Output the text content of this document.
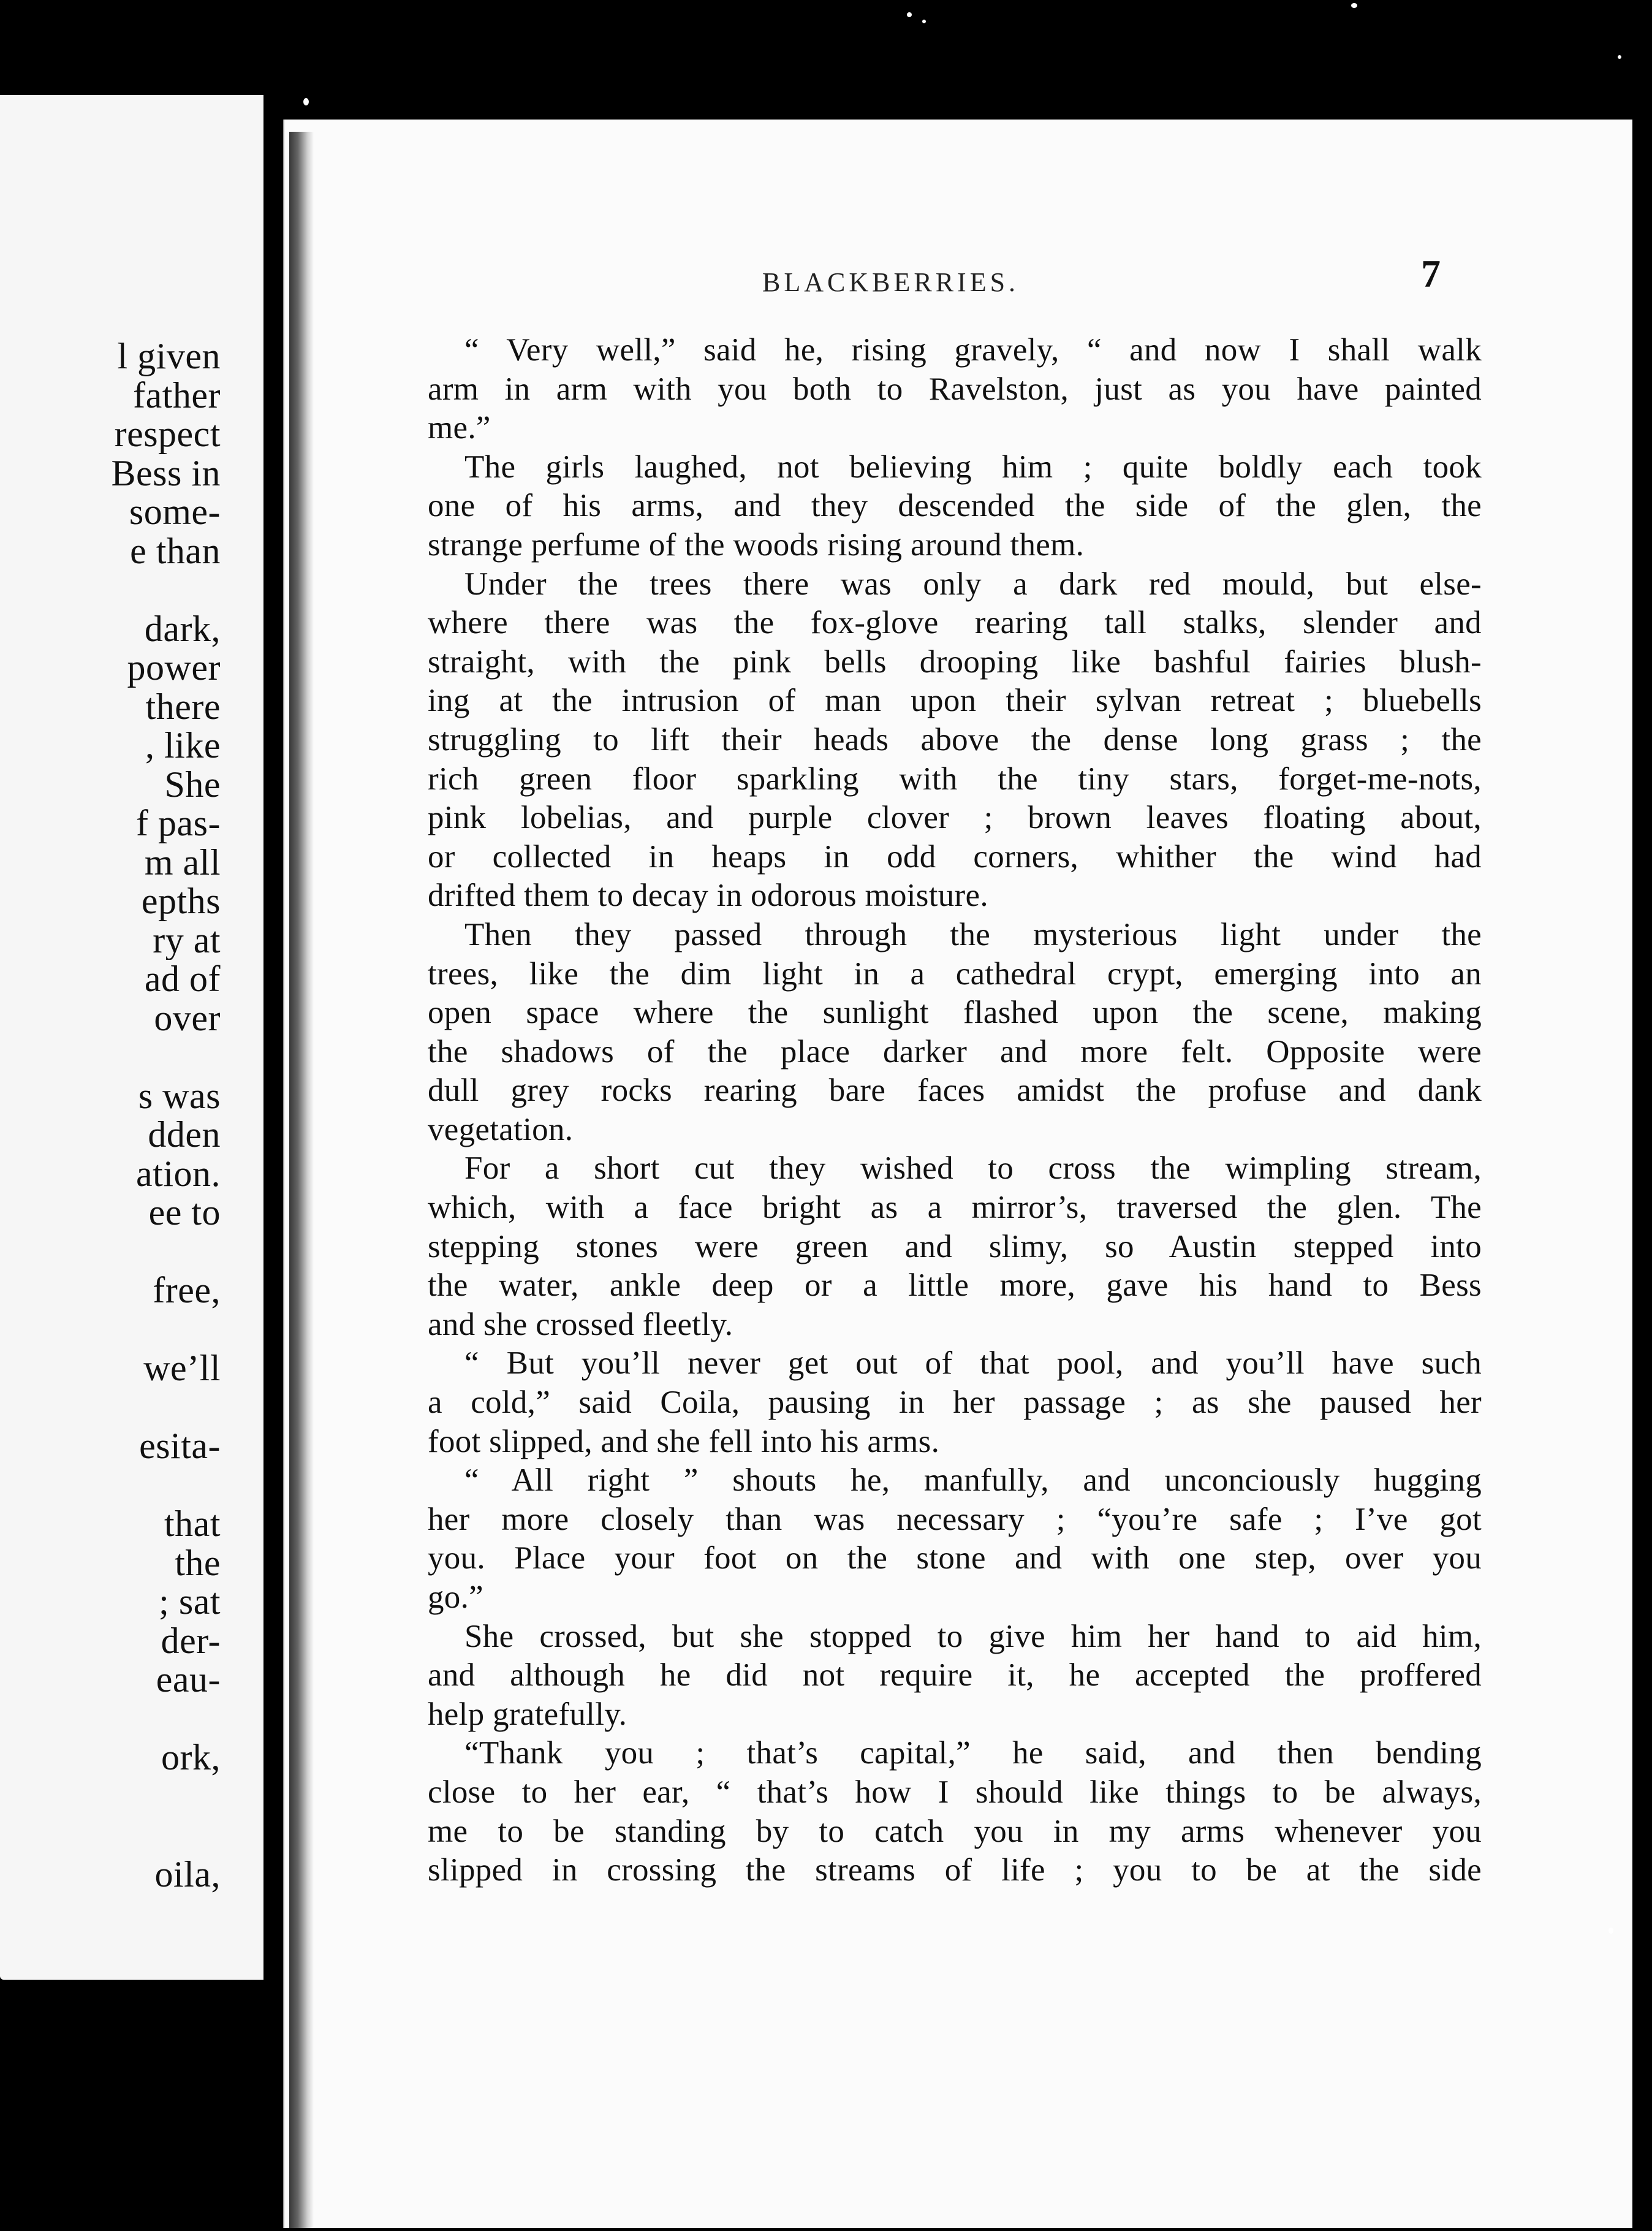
l given
father
respect
Bess in
some-
e than
dark,
power
there
, like
She
f pas-
m all
epths
ry at
ad of
over
s was
dden
ation.
ee to
free,
we’ll
esita-
that
the
; sat
der-
eau-
ork,
oila,
BLACKBERRIES.	7
“ Very well,” said he, rising gravely, “ and now I shall walk
arm in arm with you both to Ravelston, just as you have painted
me.”
The girls laughed, not believing him ; quite boldly each took
one of his arms, and they descended the side of the glen, the
strange perfume of the woods rising around them.
Under the trees there was only a dark red mould, but else-
where there was the fox-glove rearing tall stalks, slender and
straight, with the pink bells drooping like bashful fairies blush-
ing at the intrusion of man upon their sylvan retreat ; bluebells
struggling to lift their heads above the dense long grass ; the
rich green floor sparkling with the tiny stars, forget-me-nots,
pink lobelias, and purple clover ; brown leaves floating about,
or collected in heaps in odd corners, whither the wind had
drifted them to decay in odorous moisture.
Then they passed through the mysterious light under the
trees, like the dim light in a cathedral crypt, emerging into an
open space where the sunlight flashed upon the scene, making
the shadows of the place darker and more felt. Opposite were
dull grey rocks rearing bare faces amidst the profuse and dank
vegetation.
For a short cut they wished to cross the wimpling stream,
which, with a face bright as a mirror’s, traversed the glen. The
stepping stones were green and slimy, so Austin stepped into
the water, ankle deep or a little more, gave his hand to Bess
and she crossed fleetly.
“ But you’ll never get out of that pool, and you’ll have such
a cold,” said Coila, pausing in her passage ; as she paused her
foot slipped, and she fell into his arms.
“ All right ” shouts he, manfully, and unconciously hugging
her more closely than was necessary ; “you’re safe ; I’ve got
you. Place your foot on the stone and with one step, over you
go.”
She crossed, but she stopped to give him her hand to aid him,
and although he did not require it, he accepted the proffered
help gratefully.
“Thank you ; that’s capital,” he said, and then bending
close to her ear, “ that’s how I should like things to be always,
me to be standing by to catch you in my arms whenever you
slipped in crossing the streams of life ; you to be at the side
